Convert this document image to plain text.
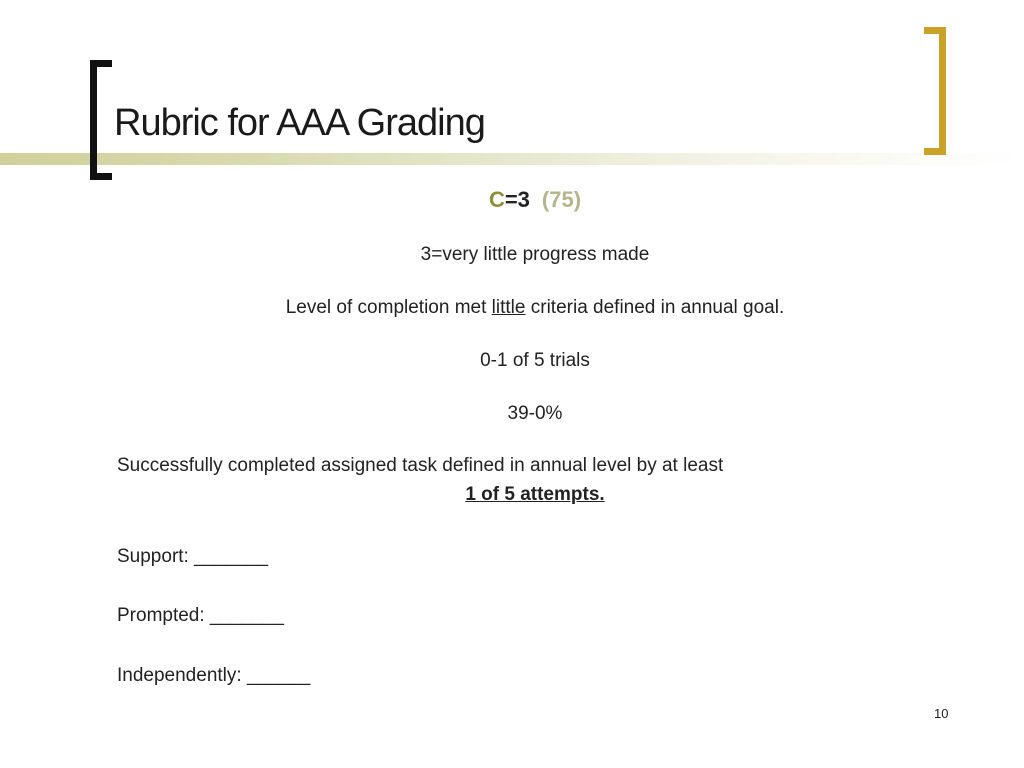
Rubric for AAA Grading
C=3 (75)
3=very little progress made
Level of completion met little criteria defined in annual goal.
0-1 of 5 trials
39-0%
Successfully completed assigned task defined in annual level by at least
1 of 5 attempts.
Support: _______
Prompted: _______
Independently: ______
10
